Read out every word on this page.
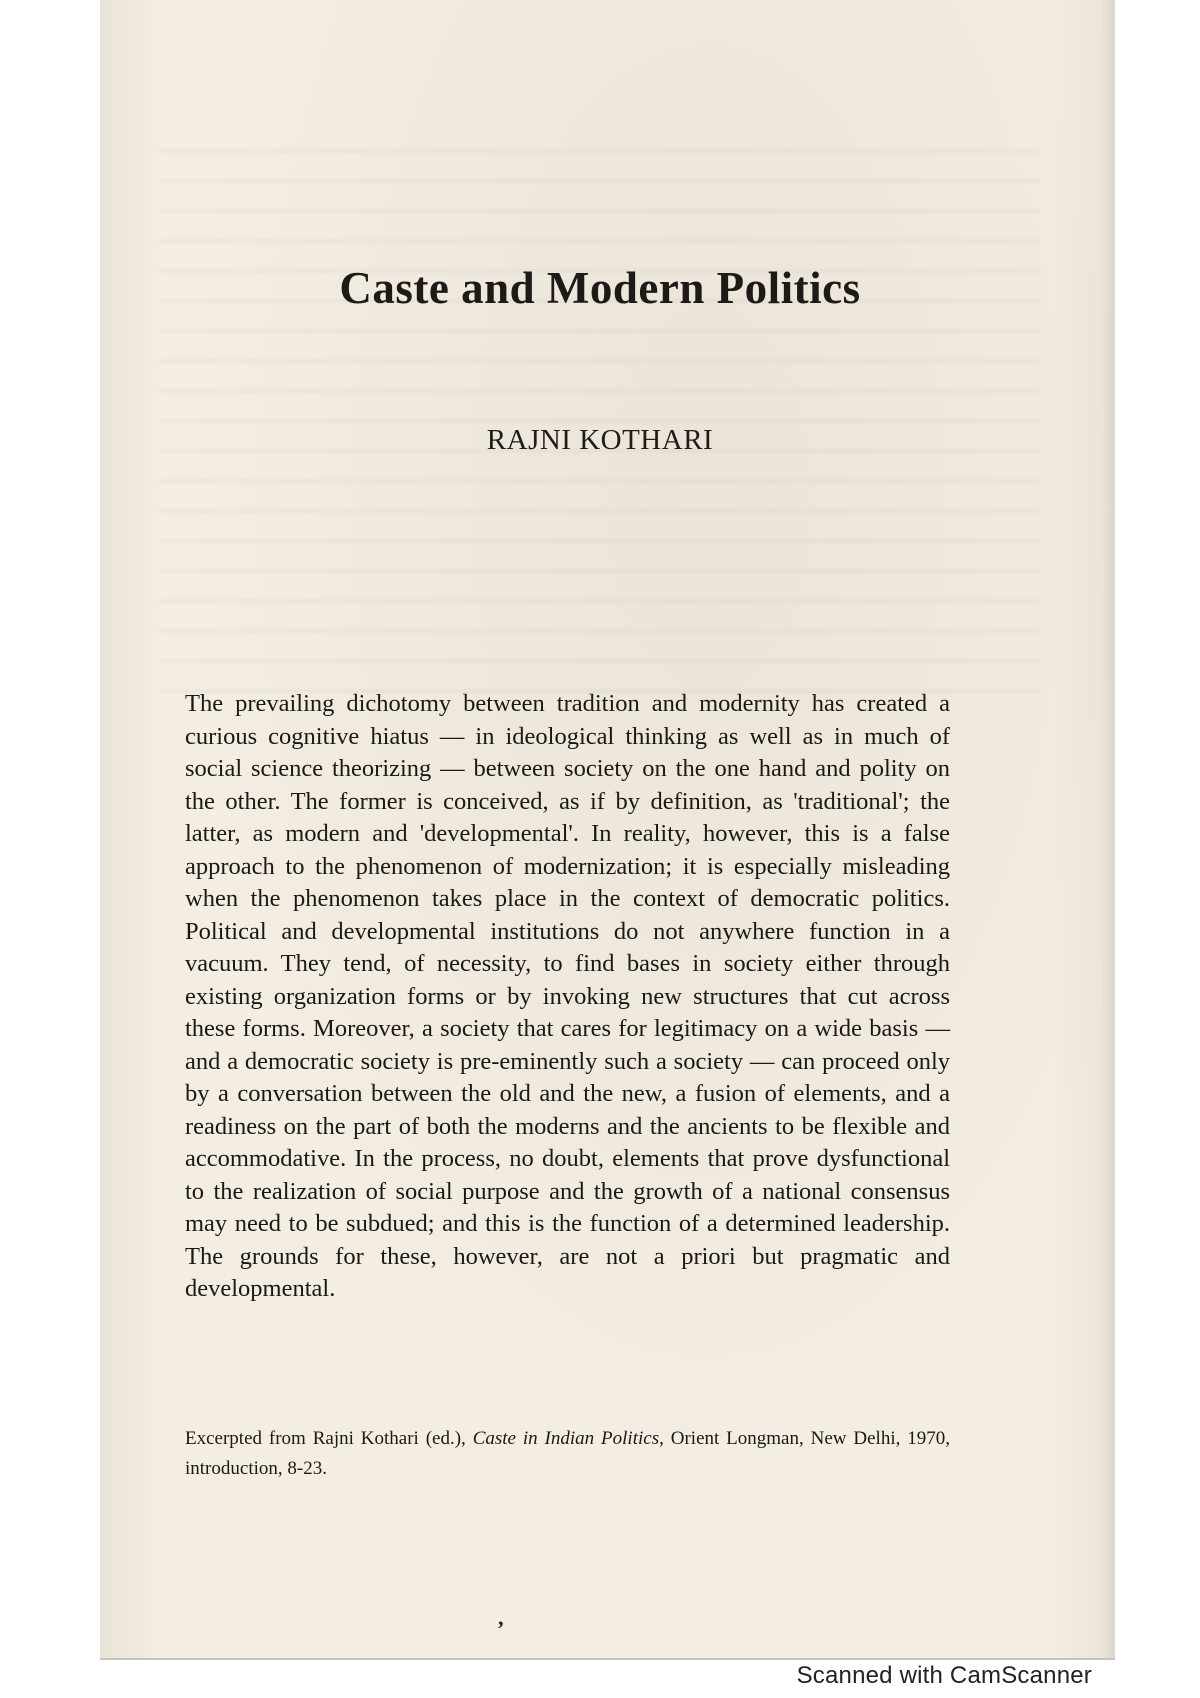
Caste and Modern Politics
RAJNI KOTHARI

The prevailing dichotomy between tradition and modernity has created a curious cognitive hiatus — in ideological thinking as well as in much of social science theorizing — between society on the one hand and polity on the other. The former is conceived, as if by definition, as 'traditional'; the latter, as modern and 'developmental'. In reality, however, this is a false approach to the phenomenon of modernization; it is especially misleading when the phenomenon takes place in the context of democratic politics. Political and developmental institutions do not anywhere function in a vacuum. They tend, of necessity, to find bases in society either through existing organization forms or by invoking new structures that cut across these forms. Moreover, a society that cares for legitimacy on a wide basis — and a democratic society is pre-eminently such a society — can proceed only by a conversation between the old and the new, a fusion of elements, and a readiness on the part of both the moderns and the ancients to be flexible and accommodative. In the process, no doubt, elements that prove dysfunctional to the realization of social purpose and the growth of a national consensus may need to be subdued; and this is the function of a determined leadership. The grounds for these, however, are not a priori but pragmatic and developmental.

Excerpted from Rajni Kothari (ed.), Caste in Indian Politics, Orient Longman, New Delhi, 1970, introduction, 8-23.

’
Scanned with CamScanner
